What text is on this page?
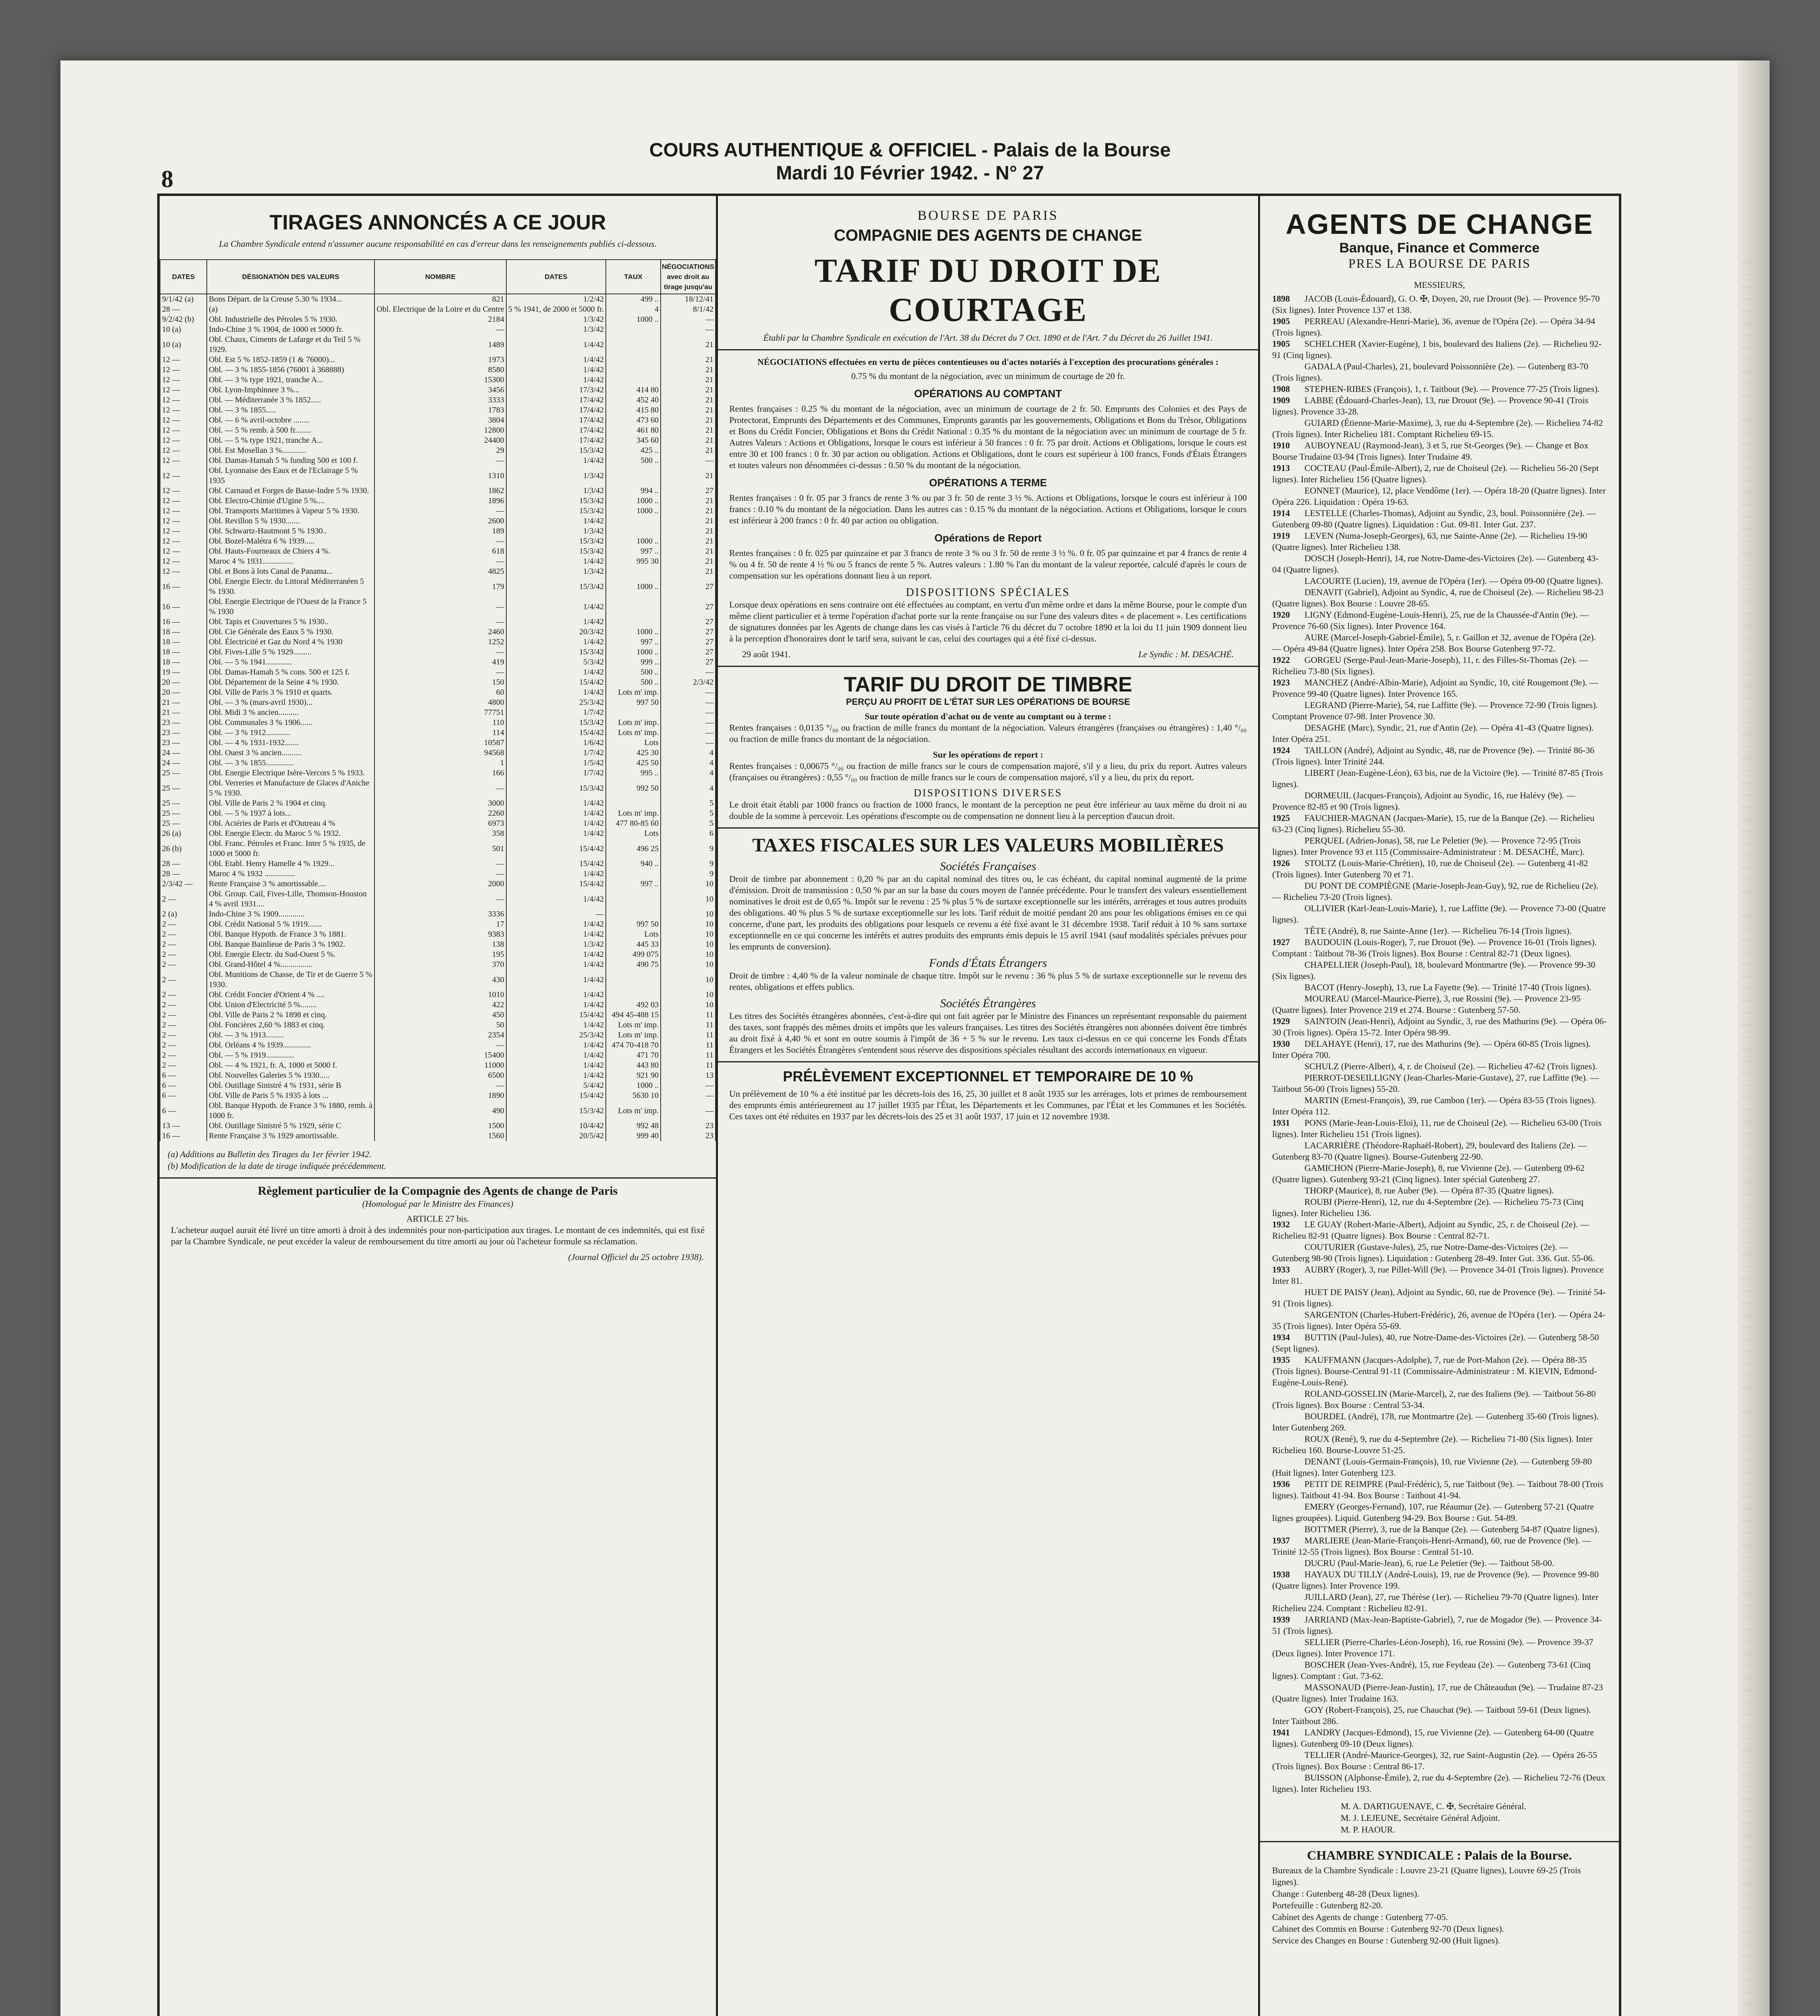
8
COURS AUTHENTIQUE & OFFICIEL - Palais de la Bourse
Mardi 10 Février 1942. - N° 27
TIRAGES ANNONCÉS A CE JOUR
La Chambre Syndicale entend n'assumer aucune responsabilité en cas d'erreur dans les renseignements publiés ci-dessous.
DATES	DÉSIGNATION DES VALEURS	NOMBRE	DATES	TAUX	NÉGOCIATIONS avec droit au tirage jusqu'au
9/1/42 (a)	Bons Départ. de la Creuse 5.30 % 1934...	821	1/2/42	499 ..	18/12/41
28 —	(a)	Obl. Electrique de la Loire et du Centre	5 % 1941, de 2000 et 5000 fr.	4	8/1/42
9/2/42 (b)	Obl. Industrielle des Pétroles 5 % 1930.	2184	1/3/42	1000 ..	—
10 (a)	Indo-Chine 3 % 1904, de 1000 et 5000 fr.	—	1/3/42		—
10 (a)	Obl. Chaux, Ciments de Lafarge et du Teil 5 % 1929.	1489	1/4/42		21
12 —	Obl. Est 5 % 1852-1859 (1 & 76000)...	1973	1/4/42		21
12 —	Obl. — 3 % 1855-1856 (76001 à 368888)	8580	1/4/42		21
12 —	Obl. — 3 % type 1921, tranche A...	15300	1/4/42		21
12 —	Obl. Lyon-Imphinnee 3 %...	3456	17/3/42	414 80	21
12 —	Obl. — Méditerranée 3 % 1852.....	3333	17/4/42	452 40	21
12 —	Obl. — 3 % 1855.....	1783	17/4/42	415 80	21
12 —	Obl. — 6 % avril-octobre ........	3804	17/4/42	473 60	21
12 —	Obl. — 5 % remb. à 500 fr........	12800	17/4/42	461 80	21
12 —	Obl. — 5 % type 1921, tranche A...	24400	17/4/42	345 60	21
12 —	Obl. Est Mosellan 3 %............	29	15/3/42	425 ..	21
12 —	Obl. Damas-Hamah 5 % funding 500 et 100 f.	—	1/4/42	500 ..	—
12 —	Obl. Lyonnaise des Eaux et de l'Eclairage 5 % 1935	1310	1/3/42		21
12 —	Obl. Carnaud et Forges de Basse-Indre 5 % 1930.	1862	1/3/42	994 ..	27
12 —	Obl. Electro-Chimie d'Ugine 5 %....	1896	15/3/42	1000 ..	21
12 —	Obl. Transports Maritimes à Vapeur 5 % 1930.	—	15/3/42	1000 ..	21
12 —	Obl. Revillon 5 % 1930.......	2600	1/4/42		21
12 —	Obl. Schwartz-Hautmont 5 % 1930..	189	1/3/42		21
12 —	Obl. Bozel-Malétra 6 % 1939.....	—	15/3/42	1000 ..	21
12 —	Obl. Hauts-Fourneaux de Chiers 4 %.	618	15/3/42	997 ..	21
12 —	Maroc 4 % 1931...............	—	1/4/42	995 30	21
12 —	Obl. et Bons à lots Canal de Panama...	4825	1/3/42		21
16 —	Obl. Energie Electr. du Littoral Méditerranéen 5 % 1930.	179	15/3/42	1000 ..	27
16 —	Obl. Energie Electrique de l'Ouest de la France 5 % 1930	—	1/4/42		27
16 —	Obl. Tapis et Couvertures 5 % 1930..	—	1/4/42		27
18 —	Obl. Cie Générale des Eaux 5 % 1930.	2460	20/3/42	1000 ..	27
18 —	Obl. Électricité et Gaz du Nord 4 % 1930	1252	1/4/42	997 ..	27
18 —	Obl. Fives-Lille 5 % 1929.........	—	15/3/42	1000 ..	27
18 —	Obl. — 5 % 1941.............	419	5/3/42	999 ..	27
19 —	Obl. Damas-Hamah 5 % cons. 500 et 125 f.	—	1/4/42	500 ..	—
20 —	Obl. Département de la Seine 4 % 1930.	150	15/4/42	500 ..	2/3/42
20 —	Obl. Ville de Paris 3 % 1910 et quarts.	60	1/4/42	Lots m' imp.	—
21 —	Obl. — 3 % (mars-avril 1930)...	4800	25/3/42	997 50	—
21 —	Obl. Midi 3 % ancien..........	77751	1/7/42		—
23 —	Obl. Communales 3 % 1906......	110	15/3/42	Lots m' imp.	—
23 —	Obl. — 3 % 1912............	114	15/4/42	Lots m' imp.	—
23 —	Obl. — 4 % 1931-1932.......	10587	1/6/42	Lots	—
24 —	Obl. Ouest 3 % ancien..........	94568	1/7/42	425 30	4
24 —	Obl. — 3 % 1855..............	1	1/5/42	425 50	4
25 —	Obl. Energie Electrique Isère-Vercors 5 % 1933.	166	1/7/42	995 ..	4
25 —	Obl. Verreries et Manufacture de Glaces d'Aniche 5 % 1930.	—	15/3/42	992 50	4
25 —	Obl. Ville de Paris 2 % 1904 et cinq.	3000	1/4/42		5
25 —	Obl. — 5 % 1937 à lots...	2260	1/4/42	Lots m' imp.	5
25 —	Obl. Aciéries de Paris et d'Outreau 4 %	6973	1/4/42	477 80-85 60	5
26 (a)	Obl. Energie Electr. du Maroc 5 % 1932.	358	1/4/42	Lots	6
26 (b)	Obl. Franc. Pétroles et Franc. Inter 5 % 1935, de 1000 et 5000 fr.	501	15/4/42	496 25	9
28 —	Obl. Etabl. Henry Hamelle 4 % 1929...	—	15/4/42	940 ..	9
28 —	Maroc 4 % 1932 ...............	—	1/4/42		9
2/3/42 —	Rente Française 3 % amortissable....	2000	15/4/42	997 ..	10
2 —	Obl. Group. Cail, Fives-Lille, Thomson-Houston 4 % avril 1931....	—	1/4/42		10
2 (a)	Indo-Chine 3 % 1909.............	3336	—		10
2 —	Obl. Crédit National 5 % 1919.......	17	1/4/42	997 50	10
2 —	Obl. Banque Hypoth. de France 3 % 1881.	9383	1/4/42	Lots	10
2 —	Obl. Banque Bainlieue de Paris 3 % 1902.	138	1/3/42	445 33	10
2 —	Obl. Energie Electr. du Sud-Ouest 5 %.	195	1/4/42	499 075	10
2 —	Obl. Grand-Hôtel 4 %................	370	1/4/42	490 75	10
2 —	Obl. Munitions de Chasse, de Tir et de Guerre 5 % 1930.	430	1/4/42		10
2 —	Obl. Crédit Foncier d'Orient 4 % ....	1010	1/4/42		10
2 —	Obl. Union d'Electricité 5 %........	422	1/4/42	492 03	10
2 —	Obl. Ville de Paris 2 % 1898 et cinq.	450	15/4/42	494 45-488 15	11
2 —	Obl. Foncières 2,60 % 1883 et cinq.	50	1/4/42	Lots m' imp.	11
2 —	Obl. — 3 % 1913.........	2354	25/3/42	Lots m' imp.	11
2 —	Obl. Orléans 4 % 1939..............	—	1/4/42	474 70-418 70	11
2 —	Obl. — 5 % 1919..............	15400	1/4/42	471 70	11
2 —	Obl. — 4 % 1921, fr. A, 1000 et 5000 f.	11000	1/4/42	443 80	11
6 —	Obl. Nouvelles Galeries 5 % 1930.....	6500	1/4/42	921 90	13
6 —	Obl. Outillage Sinistré 4 % 1931, série B	—	5/4/42	1000 ..	—
6 —	Obl. Ville de Paris 5 % 1935 à lots ...	1890	15/4/42	5630 10	—
6 —	Obl. Banque Hypoth. de France 3 % 1880, remb. à 1000 fr.	490	15/3/42	Lots m' imp.	—
13 —	Obl. Outillage Sinistré 5 % 1929, série C	1500	10/4/42	992 48	23
16 —	Rente Française 3 % 1929 amortissable.	1560	20/5/42	999 40	23
(a) Additions au Bulletin des Tirages du 1er février 1942.
(b) Modification de la date de tirage indiquée précédemment.
Règlement particulier de la Compagnie des Agents de change de Paris
(Homologué par le Ministre des Finances)
ARTICLE 27 bis.
L'acheteur auquel aurait été livré un titre amorti à droit à des indemnités pour non-participation aux tirages. Le montant de ces indemnités, qui est fixé par la Chambre Syndicale, ne peut excéder la valeur de remboursement du titre amorti au jour où l'acheteur formule sa réclamation.
(Journal Officiel du 25 octobre 1938).
BOURSE DE PARIS
COMPAGNIE DES AGENTS DE CHANGE
TARIF DU DROIT DE COURTAGE
Établi par la Chambre Syndicale en exécution de l'Art. 38 du Décret du 7 Oct. 1890 et de l'Art. 7 du Décret du 26 Juillet 1941.
NÉGOCIATIONS effectuées en vertu de pièces contentieuses ou d'actes notariés à l'exception des procurations générales :
0.75 % du montant de la négociation, avec un minimum de courtage de 20 fr.
OPÉRATIONS AU COMPTANT
Rentes françaises : 0.25 % du montant de la négociation, avec un minimum de courtage de 2 fr. 50. Emprunts des Colonies et des Pays de Protectorat, Emprunts des Départements et des Communes, Emprunts garantis par les gouvernements, Obligations et Bons du Trésor, Obligations et Bons du Crédit Foncier, Obligations et Bons du Crédit National : 0.35 % du montant de la négociation avec un minimum de courtage de 5 fr. Autres Valeurs : Actions et Obligations, lorsque le cours est inférieur à 50 frances : 0 fr. 75 par droit. Actions et Obligations, lorsque le cours est entre 30 et 100 francs : 0 fr. 30 par action ou obligation. Actions et Obligations, dont le cours est supérieur à 100 francs, Fonds d'États Étrangers et toutes valeurs non dénommées ci-dessus : 0.50 % du montant de la négociation.
OPÉRATIONS A TERME
Rentes françaises : 0 fr. 05 par 3 francs de rente 3 % ou par 3 fr. 50 de rente 3 ½ %. Actions et Obligations, lorsque le cours est inférieur à 100 francs : 0.10 % du montant de la négociation. Dans les autres cas : 0.15 % du montant de la négociation. Actions et Obligations, lorsque le cours est inférieur à 200 francs : 0 fr. 40 par action ou obligation.
Opérations de Report
Rentes françaises : 0 fr. 025 par quinzaine et par 3 francs de rente 3 % ou 3 fr. 50 de rente 3 ½ %. 0 fr. 05 par quinzaine et par 4 francs de rente 4 % ou 4 fr. 50 de rente 4 ½ % ou 5 francs de rente 5 %. Autres valeurs : 1.80 % l'an du montant de la valeur reportée, calculé d'après le cours de compensation sur les opérations donnant lieu à un report.
DISPOSITIONS SPÉCIALES
Lorsque deux opérations en sens contraire ont été effectuées au comptant, en vertu d'un même ordre et dans la même Bourse, pour le compte d'un même client particulier et à terme l'opération d'achat porte sur la rente française ou sur l'une des valeurs dites « de placement ». Les certifications de signatures données par les Agents de change dans les cas visés à l'article 76 du décret du 7 octobre 1890 et la loi du 11 juin 1909 donnent lieu à la perception d'honoraires dont le tarif sera, suivant le cas, celui des courtages qui a été fixé ci-dessus.
29 août 1941.	Le Syndic : M. DESACHÉ.
TARIF DU DROIT DE TIMBRE
PERÇU AU PROFIT DE L'ÉTAT SUR LES OPÉRATIONS DE BOURSE
Sur toute opération d'achat ou de vente au comptant ou à terme :
Rentes françaises : 0,0135 °/₀₀ ou fraction de mille francs du montant de la négociation. Valeurs étrangères (françaises ou étrangères) : 1,40 °/₀₀ ou fraction de mille francs du montant de la négociation.
Sur les opérations de report :
Rentes françaises : 0,00675 °/₀₀ ou fraction de mille francs sur le cours de compensation majoré, s'il y a lieu, du prix du report. Autres valeurs (françaises ou étrangères) : 0,55 °/₀₀ ou fraction de mille francs sur le cours de compensation majoré, s'il y a lieu, du prix du report.
DISPOSITIONS DIVERSES
Le droit était établi par 1000 francs ou fraction de 1000 francs, le montant de la perception ne peut être inférieur au taux même du droit ni au double de la somme à percevoir. Les opérations d'escompte ou de compensation ne donnent lieu à la perception d'aucun droit.
TAXES FISCALES SUR LES VALEURS MOBILIÈRES
Sociétés Françaises
Droit de timbre par abonnement : 0,20 % par an du capital nominal des titres ou, le cas échéant, du capital nominal augmenté de la prime d'émission. Droit de transmission : 0,50 % par an sur la base du cours moyen de l'année précédente. Pour le transfert des valeurs essentiellement nominatives le droit est de 0,65 %. Impôt sur le revenu : 25 % plus 5 % de surtaxe exceptionnelle sur les intérêts, arrérages et tous autres produits des obligations. 40 % plus 5 % de surtaxe exceptionnelle sur les lots. Tarif réduit de moitié pendant 20 ans pour les obligations émises en ce qui concerne, d'une part, les produits des obligations pour lesquels ce revenu a été fixé avant le 31 décembre 1938. Tarif réduit à 10 % sans surtaxe exceptionnelle en ce qui concerne les intérêts et autres produits des emprunts émis depuis le 15 avril 1941 (sauf modalités spéciales prévues pour les emprunts de conversion).
Fonds d'États Étrangers
Droit de timbre : 4,40 % de la valeur nominale de chaque titre. Impôt sur le revenu : 36 % plus 5 % de surtaxe exceptionnelle sur le revenu des rentes, obligations et effets publics.
Sociétés Étrangères
Les titres des Sociétés étrangères abonnées, c'est-à-dire qui ont fait agréer par le Ministre des Finances un représentant responsable du paiement des taxes, sont frappés des mêmes droits et impôts que les valeurs françaises. Les titres des Sociétés étrangères non abonnées doivent être timbrés au droit fixé à 4,40 % et sont en outre soumis à l'impôt de 36 + 5 % sur le revenu. Les taux ci-dessus en ce qui concerne les Fonds d'États Étrangers et les Sociétés Étrangères s'entendent sous réserve des dispositions spéciales résultant des accords internationaux en vigueur.
PRÉLÈVEMENT EXCEPTIONNEL ET TEMPORAIRE DE 10 %
Un prélèvement de 10 % a été institué par les décrets-lois des 16, 25, 30 juillet et 8 août 1935 sur les arrérages, lots et primes de remboursement des emprunts émis antérieurement au 17 juillet 1935 par l'État, les Départements et les Communes, par l'État et les Communes et les Sociétés. Ces taxes ont été réduites en 1937 par les décrets-lois des 25 et 31 août 1937, 17 juin et 12 novembre 1938.
AGENTS DE CHANGE
Banque, Finance et Commerce
PRES LA BOURSE DE PARIS
MESSIEURS,
1898 JACOB (Louis-Édouard), G. O. ✠, Doyen, 20, rue Drouot (9e). — Provence 95-70 (Six lignes). Inter Provence 137 et 138.
1905 PERREAU (Alexandre-Henri-Marie), 36, avenue de l'Opéra (2e). — Opéra 34-94 (Trois lignes).
1905 SCHELCHER (Xavier-Eugène), 1 bis, boulevard des Italiens (2e). — Richelieu 92-91 (Cinq lignes).
GADALA (Paul-Charles), 21, boulevard Poissonnière (2e). — Gutenberg 83-70 (Trois lignes).
1908 STEPHEN-RIBES (François), 1, r. Taitbout (9e). — Provence 77-25 (Trois lignes).
1909 LABBE (Édouard-Charles-Jean), 13, rue Drouot (9e). — Provence 90-41 (Trois lignes). Provence 33-28.
GUIARD (Étienne-Marie-Maxime), 3, rue du 4-Septembre (2e). — Richelieu 74-82 (Trois lignes). Inter Richelieu 181. Comptant Richelieu 69-15.
1910 AUBOYNEAU (Raymond-Jean), 3 et 5, rue St-Georges (9e). — Change et Box Bourse Trudaine 03-94 (Trois lignes). Inter Trudaine 49.
1913 COCTEAU (Paul-Émile-Albert), 2, rue de Choiseul (2e). — Richelieu 56-20 (Sept lignes). Inter Richelieu 156 (Quatre lignes).
EONNET (Maurice), 12, place Vendôme (1er). — Opéra 18-20 (Quatre lignes). Inter Opéra 226. Liquidation : Opéra 19-63.
1914 LESTELLE (Charles-Thomas), Adjoint au Syndic, 23, boul. Poissonnière (2e). — Gutenberg 09-80 (Quatre lignes). Liquidation : Gut. 09-81. Inter Gut. 237.
1919 LEVEN (Numa-Joseph-Georges), 63, rue Sainte-Anne (2e). — Richelieu 19-90 (Quatre lignes). Inter Richelieu 138.
DOSCH (Joseph-Henri), 14, rue Notre-Dame-des-Victoires (2e). — Gutenberg 43-04 (Quatre lignes).
LACOURTE (Lucien), 19, avenue de l'Opéra (1er). — Opéra 09-00 (Quatre lignes).
DENAVIT (Gabriel), Adjoint au Syndic, 4, rue de Choiseul (2e). — Richelieu 98-23 (Quatre lignes). Box Bourse : Louvre 28-65.
1920 LIGNY (Edmond-Eugène-Louis-Henri), 25, rue de la Chaussée-d'Antin (9e). — Provence 76-60 (Six lignes). Inter Provence 164.
AURE (Marcel-Joseph-Gabriel-Émile), 5, r. Gaillon et 32, avenue de l'Opéra (2e). — Opéra 49-84 (Quatre lignes). Inter Opéra 258. Box Bourse Gutenberg 97-72.
1922 GORGEU (Serge-Paul-Jean-Marie-Joseph), 11, r. des Filles-St-Thomas (2e). — Richelieu 73-80 (Six lignes).
1923 MANCHEZ (André-Albin-Marie), Adjoint au Syndic, 10, cité Rougemont (9e). — Provence 99-40 (Quatre lignes). Inter Provence 165.
LEGRAND (Pierre-Marie), 54, rue Laffitte (9e). — Provence 72-90 (Trois lignes). Comptant Provence 07-98. Inter Provence 30.
DESAGHE (Marc), Syndic, 21, rue d'Antin (2e). — Opéra 41-43 (Quatre lignes). Inter Opéra 251.
1924 TAILLON (André), Adjoint au Syndic, 48, rue de Provence (9e). — Trinité 86-36 (Trois lignes). Inter Trinité 244.
LIBERT (Jean-Eugène-Léon), 63 bis, rue de la Victoire (9e). — Trinité 87-85 (Trois lignes).
DORMEUIL (Jacques-François), Adjoint au Syndic, 16, rue Halévy (9e). — Provence 82-85 et 90 (Trois lignes).
1925 FAUCHIER-MAGNAN (Jacques-Marie), 15, rue de la Banque (2e). — Richelieu 63-23 (Cinq lignes). Richelieu 55-30.
PERQUEL (Adrien-Jonas), 58, rue Le Peletier (9e). — Provence 72-95 (Trois lignes). Inter Provence 93 et 115 (Commissaire-Administrateur : M. DESACHÉ, Marc).
1926 STOLTZ (Louis-Marie-Chrétien), 10, rue de Choiseul (2e). — Gutenberg 41-82 (Trois lignes). Inter Gutenberg 70 et 71.
DU PONT DE COMPIÈGNE (Marie-Joseph-Jean-Guy), 92, rue de Richelieu (2e). — Richelieu 73-20 (Trois lignes).
OLLIVIER (Karl-Jean-Louis-Marie), 1, rue Laffitte (9e). — Provence 73-00 (Quatre lignes).
TÊTE (André), 8, rue Sainte-Anne (1er). — Richelieu 76-14 (Trois lignes).
1927 BAUDOUIN (Louis-Roger), 7, rue Drouot (9e). — Provence 16-01 (Trois lignes). Comptant : Taitbout 78-36 (Trois lignes). Box Bourse : Central 82-71 (Deux lignes).
CHAPELLIER (Joseph-Paul), 18, boulevard Montmartre (9e). — Provence 99-30 (Six lignes).
BACOT (Henry-Joseph), 13, rue La Fayette (9e). — Trinité 17-40 (Trois lignes).
MOUREAU (Marcel-Maurice-Pierre), 3, rue Rossini (9e). — Provence 23-95 (Quatre lignes). Inter Provence 219 et 274. Bourse : Gutenberg 57-50.
1929 SAINTOIN (Jean-Henri), Adjoint au Syndic, 3, rue des Mathurins (9e). — Opéra 06-30 (Trois lignes). Opéra 15-72. Inter Opéra 98-99.
1930 DELAHAYE (Henri), 17, rue des Mathurins (9e). — Opéra 60-85 (Trois lignes). Inter Opéra 700.
SCHULZ (Pierre-Albert), 4, r. de Choiseul (2e). — Richelieu 47-62 (Trois lignes).
PIERROT-DESEILLIGNY (Jean-Charles-Marie-Gustave), 27, rue Laffitte (9e). — Taitbout 56-00 (Trois lignes) 55-20.
MARTIN (Ernest-François), 39, rue Cambon (1er). — Opéra 83-55 (Trois lignes). Inter Opéra 112.
1931 PONS (Marie-Jean-Louis-Eloi), 11, rue de Choiseul (2e). — Richelieu 63-00 (Trois lignes). Inter Richelieu 151 (Trois lignes).
LACARRIÈRE (Théodore-Raphaël-Robert), 29, boulevard des Italiens (2e). — Gutenberg 83-70 (Quatre lignes). Bourse-Gutenberg 22-90.
GAMICHON (Pierre-Marie-Joseph), 8, rue Vivienne (2e). — Gutenberg 09-62 (Quatre lignes). Gutenberg 93-21 (Cinq lignes). Inter spécial Gutenberg 27.
THORP (Maurice), 8, rue Auber (9e). — Opéra 87-35 (Quatre lignes).
ROUBI (Pierre-Henri), 12, rue du 4-Septembre (2e). — Richelieu 75-73 (Cinq lignes). Inter Richelieu 136.
1932 LE GUAY (Robert-Marie-Albert), Adjoint au Syndic, 25, r. de Choiseul (2e). — Richelieu 82-91 (Quatre lignes). Box Bourse : Central 82-71.
COUTURIER (Gustave-Jules), 25, rue Notre-Dame-des-Victoires (2e). — Gutenberg 98-90 (Trois lignes). Liquidation : Gutenberg 28-49. Inter Gut. 336. Gut. 55-06.
1933 AUBRY (Roger), 3, rue Pillet-Will (9e). — Provence 34-01 (Trois lignes). Provence Inter 81.
HUET DE PAISY (Jean), Adjoint au Syndic, 60, rue de Provence (9e). — Trinité 54-91 (Trois lignes).
SARGENTON (Charles-Hubert-Frédéric), 26, avenue de l'Opéra (1er). — Opéra 24-35 (Trois lignes). Inter Opéra 55-69.
1934 BUTTIN (Paul-Jules), 40, rue Notre-Dame-des-Victoires (2e). — Gutenberg 58-50 (Sept lignes).
1935 KAUFFMANN (Jacques-Adolphe), 7, rue de Port-Mahon (2e). — Opéra 88-35 (Trois lignes). Bourse-Central 91-11 (Commissaire-Administrateur : M. KIEVIN, Edmond-Eugène-Louis-René).
ROLAND-GOSSELIN (Marie-Marcel), 2, rue des Italiens (9e). — Taitbout 56-80 (Trois lignes). Box Bourse : Central 53-34.
BOURDEL (André), 178, rue Montmartre (2e). — Gutenberg 35-60 (Trois lignes). Inter Gutenberg 269.
ROUX (René), 9, rue du 4-Septembre (2e). — Richelieu 71-80 (Six lignes). Inter Richelieu 160. Bourse-Louvre 51-25.
DENANT (Louis-Germain-François), 10, rue Vivienne (2e). — Gutenberg 59-80 (Huit lignes). Inter Gutenberg 123.
1936 PETIT DE REIMPRE (Paul-Frédéric), 5, rue Taitbout (9e). — Taitbout 78-00 (Trois lignes). Taitbout 41-94. Box Bourse : Taitbout 41-94.
EMERY (Georges-Fernand), 107, rue Réaumur (2e). — Gutenberg 57-21 (Quatre lignes groupées). Liquid. Gutenberg 94-29. Box Bourse : Gut. 54-89.
BOTTMER (Pierre), 3, rue de la Banque (2e). — Gutenberg 54-87 (Quatre lignes).
1937 MARLIERE (Jean-Marie-François-Henri-Armand), 60, rue de Provence (9e). — Trinité 12-55 (Trois lignes). Box Bourse : Central 51-10.
DUCRU (Paul-Marie-Jean), 6, rue Le Peletier (9e). — Taitbout 58-00.
1938 HAYAUX DU TILLY (André-Louis), 19, rue de Provence (9e). — Provence 99-80 (Quatre lignes). Inter Provence 199.
JUILLARD (Jean), 27, rue Thérèse (1er). — Richelieu 79-70 (Quatre lignes). Inter Richelieu 224. Comptant : Richelieu 82-91.
1939 JARRIAND (Max-Jean-Baptiste-Gabriel), 7, rue de Mogador (9e). — Provence 34-51 (Trois lignes).
SELLIER (Pierre-Charles-Léon-Joseph), 16, rue Rossini (9e). — Provence 39-37 (Deux lignes). Inter Provence 171.
BOSCHER (Jean-Yves-André), 15, rue Feydeau (2e). — Gutenberg 73-61 (Cinq lignes). Comptant : Gut. 73-62.
MASSONAUD (Pierre-Jean-Justin), 17, rue de Châteaudun (9e). — Trudaine 87-23 (Quatre lignes). Inter Trudaine 163.
GOY (Robert-François), 25, rue Chauchat (9e). — Taitbout 59-61 (Deux lignes). Inter Taitbout 286.
1941 LANDRY (Jacques-Edmond), 15, rue Vivienne (2e). — Gutenberg 64-00 (Quatre lignes). Gutenberg 09-10 (Deux lignes).
TELLIER (André-Maurice-Georges), 32, rue Saint-Augustin (2e). — Opéra 26-55 (Trois lignes). Box Bourse : Central 86-17.
BUISSON (Alphonse-Émile), 2, rue du 4-Septembre (2e). — Richelieu 72-76 (Deux lignes). Inter Richelieu 193.
M. A. DARTIGUENAVE, C. ✠, Secrétaire Général.
M. J. LEJEUNE, Secrétaire Général Adjoint.
M. P. HAOUR.
CHAMBRE SYNDICALE : Palais de la Bourse.
Bureaux de la Chambre Syndicale : Louvre 23-21 (Quatre lignes), Louvre 69-25 (Trois lignes).
Change : Gutenberg 48-28 (Deux lignes).
Portefeuille : Gutenberg 82-20.
Cabinet des Agents de change : Gutenberg 77-05.
Cabinet des Commis en Bourse : Gutenberg 92-70 (Deux lignes).
Service des Changes en Bourse : Gutenberg 92-00 (Huit lignes).
